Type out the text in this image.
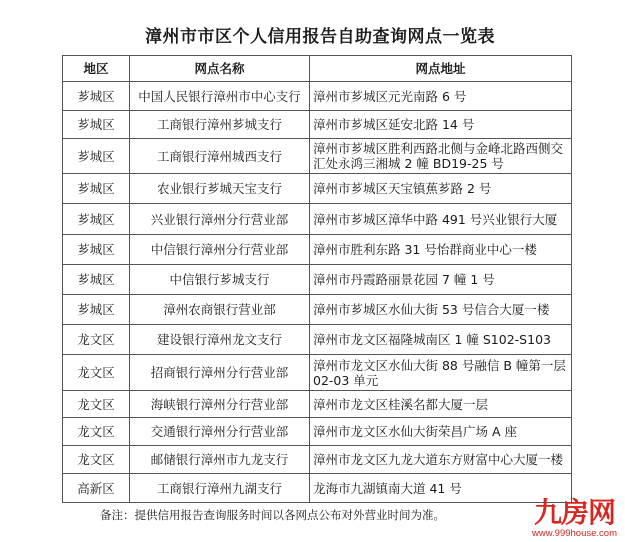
漳州市市区个人信用报告自助查询网点一览表
地区	网点名称	网点地址
芗城区	中国人民银行漳州市中心支行	漳州市芗城区元光南路 6 号
芗城区	工商银行漳州芗城支行	漳州市芗城区延安北路 14 号
芗城区	工商银行漳州城西支行	漳州市芗城区胜利西路北侧与金峰北路西侧交汇处永鸿三湘城 2 幢 BD19-25 号
芗城区	农业银行芗城天宝支行	漳州市芗城区天宝镇蕉芗路 2 号
芗城区	兴业银行漳州分行营业部	漳州市芗城区漳华中路 491 号兴业银行大厦
芗城区	中信银行漳州分行营业部	漳州市胜利东路 31 号怡群商业中心一楼
芗城区	中信银行芗城支行	漳州市丹霞路丽景花园 7 幢 1 号
芗城区	漳州农商银行营业部	漳州市芗城区水仙大街 53 号信合大厦一楼
龙文区	建设银行漳州龙文支行	漳州市龙文区福隆城南区 1 幢 S102-S103
龙文区	招商银行漳州分行营业部	漳州市龙文区水仙大街 88 号融信 B 幢第一层 02-03 单元
龙文区	海峡银行漳州分行营业部	漳州市龙文区桂溪名都大厦一层
龙文区	交通银行漳州分行营业部	漳州市龙文区水仙大街荣昌广场 A 座
龙文区	邮储银行漳州市九龙支行	漳州市龙文区九龙大道东方财富中心大厦一楼
高新区	工商银行漳州九湖支行	龙海市九湖镇南大道 41 号
备注：提供信用报告查询服务时间以各网点公布对外营业时间为准。	九房网
www.999house.com
